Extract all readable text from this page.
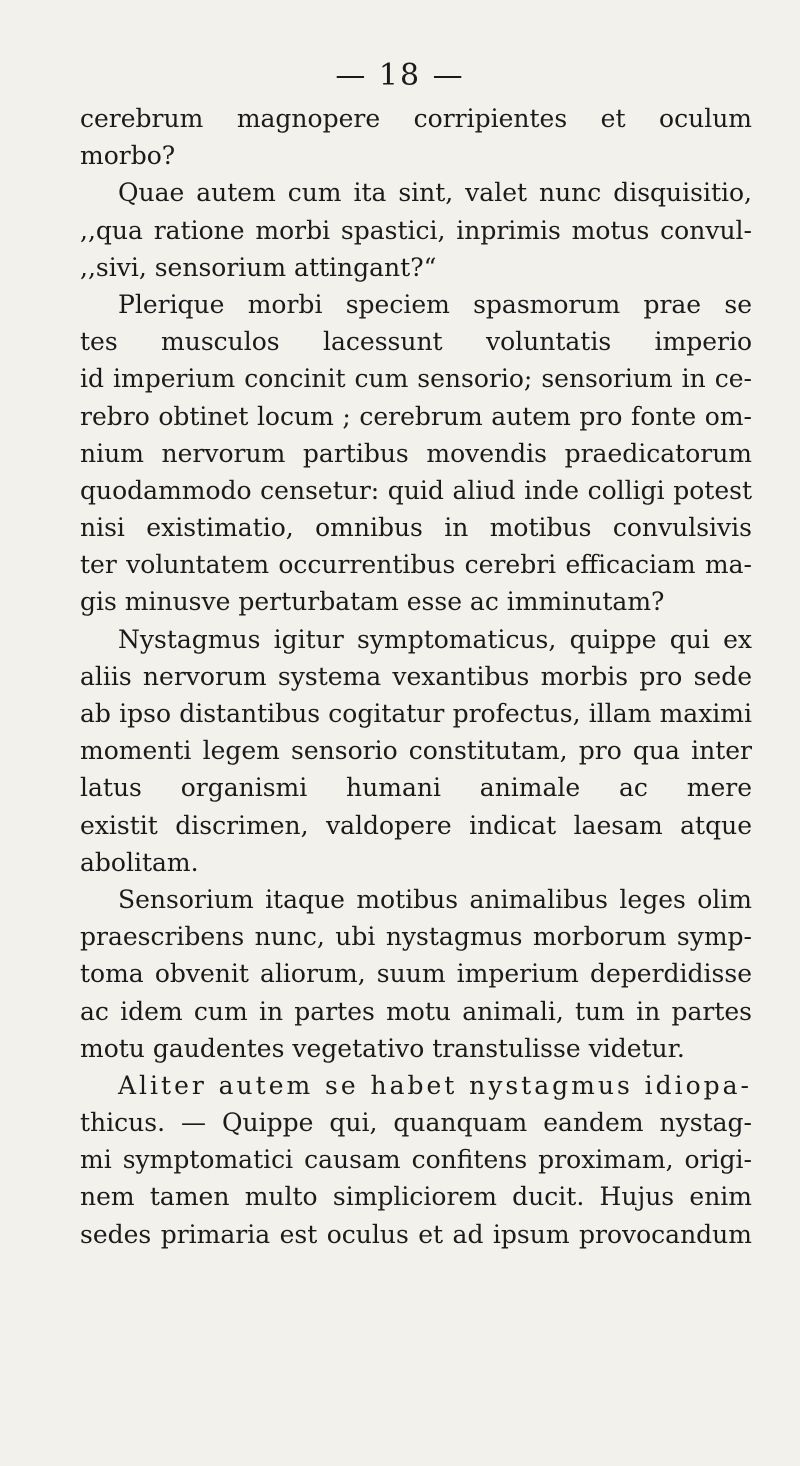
— 18 —
cerebrum magnopere corripientes et oculum
morbo?
Quae autem cum ita sint, valet nunc disquisitio,
,,qua ratione morbi spastici, inprimis motus convul-
,,sivi, sensorium attingant?“
Plerique morbi speciem spasmorum prae se
tes musculos lacessunt voluntatis imperio
id imperium concinit cum sensorio; sensorium in ce-
rebro obtinet locum ; cerebrum autem pro fonte om-
nium nervorum partibus movendis praedicatorum
quodammodo censetur: quid aliud inde colligi potest
nisi existimatio, omnibus in motibus convulsivis
ter voluntatem occurrentibus cerebri efficaciam ma-
gis minusve perturbatam esse ac imminutam?
Nystagmus igitur symptomaticus, quippe qui ex
aliis nervorum systema vexantibus morbis pro sede
ab ipso distantibus cogitatur profectus, illam maximi
momenti legem sensorio constitutam, pro qua inter
latus organismi humani animale ac mere
existit discrimen, valdopere indicat laesam atque
abolitam.
Sensorium itaque motibus animalibus leges olim
praescribens nunc, ubi nystagmus morborum symp-
toma obvenit aliorum, suum imperium deperdidisse
ac idem cum in partes motu animali, tum in partes
motu gaudentes vegetativo transtulisse videtur.
Aliter autem se habet nystagmus idiopa-
thicus. — Quippe qui, quanquam eandem nystag-
mi symptomatici causam confitens proximam, origi-
nem tamen multo simpliciorem ducit. Hujus enim
sedes primaria est oculus et ad ipsum provocandum
